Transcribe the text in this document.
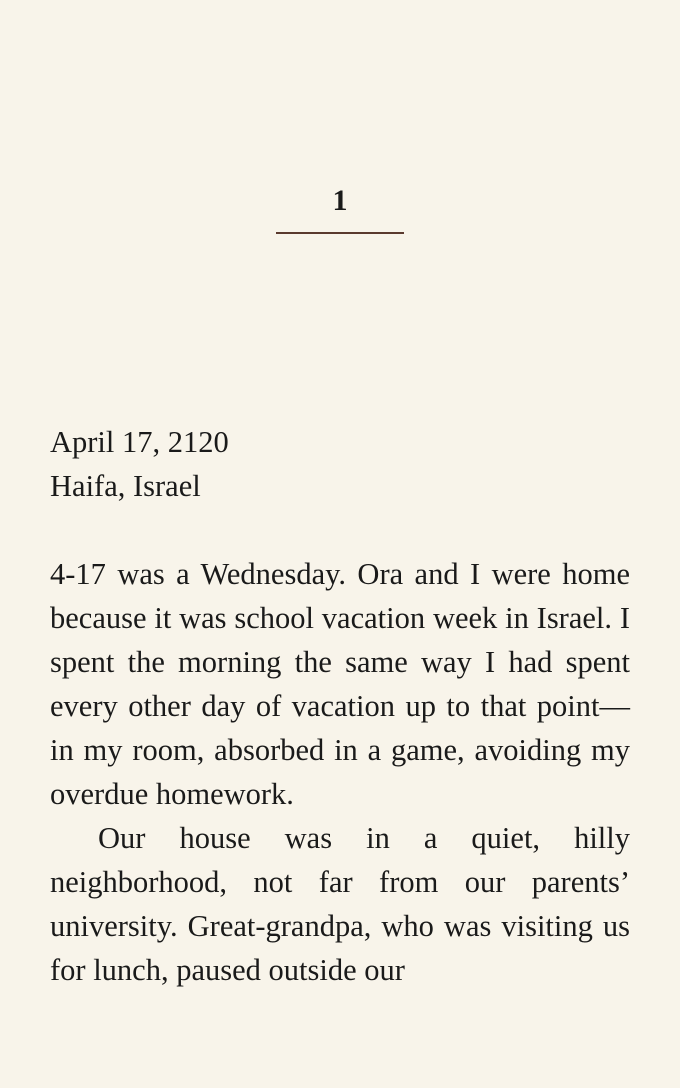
1

April 17, 2120

Haifa, Israel

4-17 was a Wednesday. Ora and I were home because it was school vacation week in Israel. I spent the morning the same way I had spent every other day of vacation up to that point—in my room, absorbed in a game, avoiding my overdue homework.

Our house was in a quiet, hilly neighborhood, not far from our parents’ university. Great-grandpa, who was visiting us for lunch, paused outside our
